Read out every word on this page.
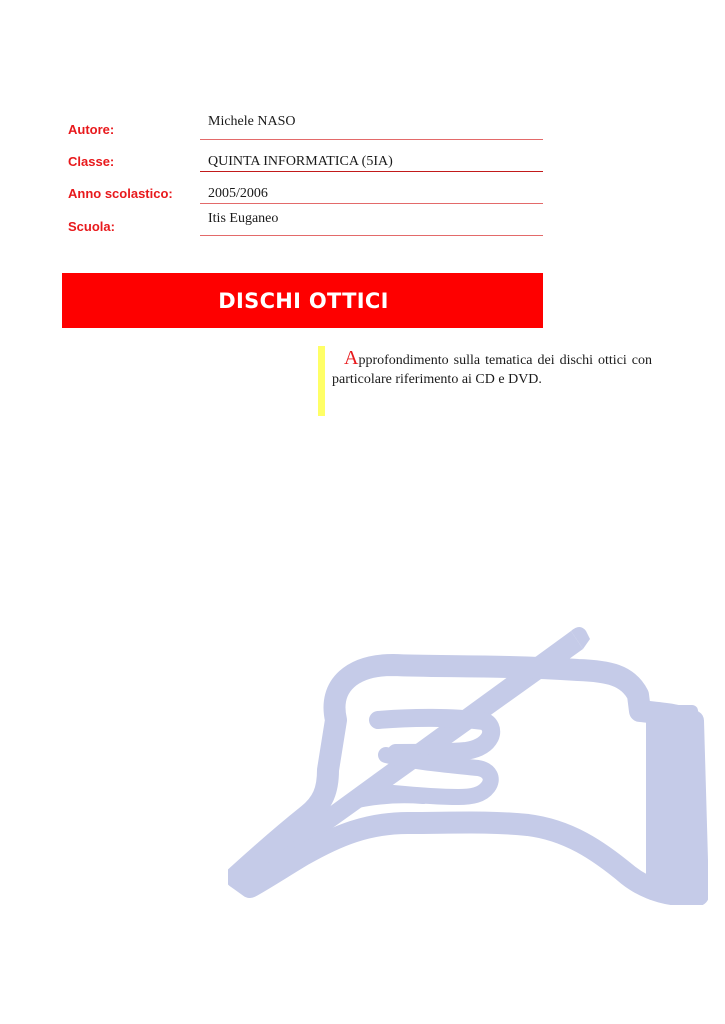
Autore:
Michele NASO
Classe:	QUINTA INFORMATICA (5IA)
Anno scolastico:	2005/2006
Scuola:
Itis Euganeo
DISCHI OTTICI
Approfondimento sulla tematica dei dischi ottici con particolare riferimento ai CD e DVD.
